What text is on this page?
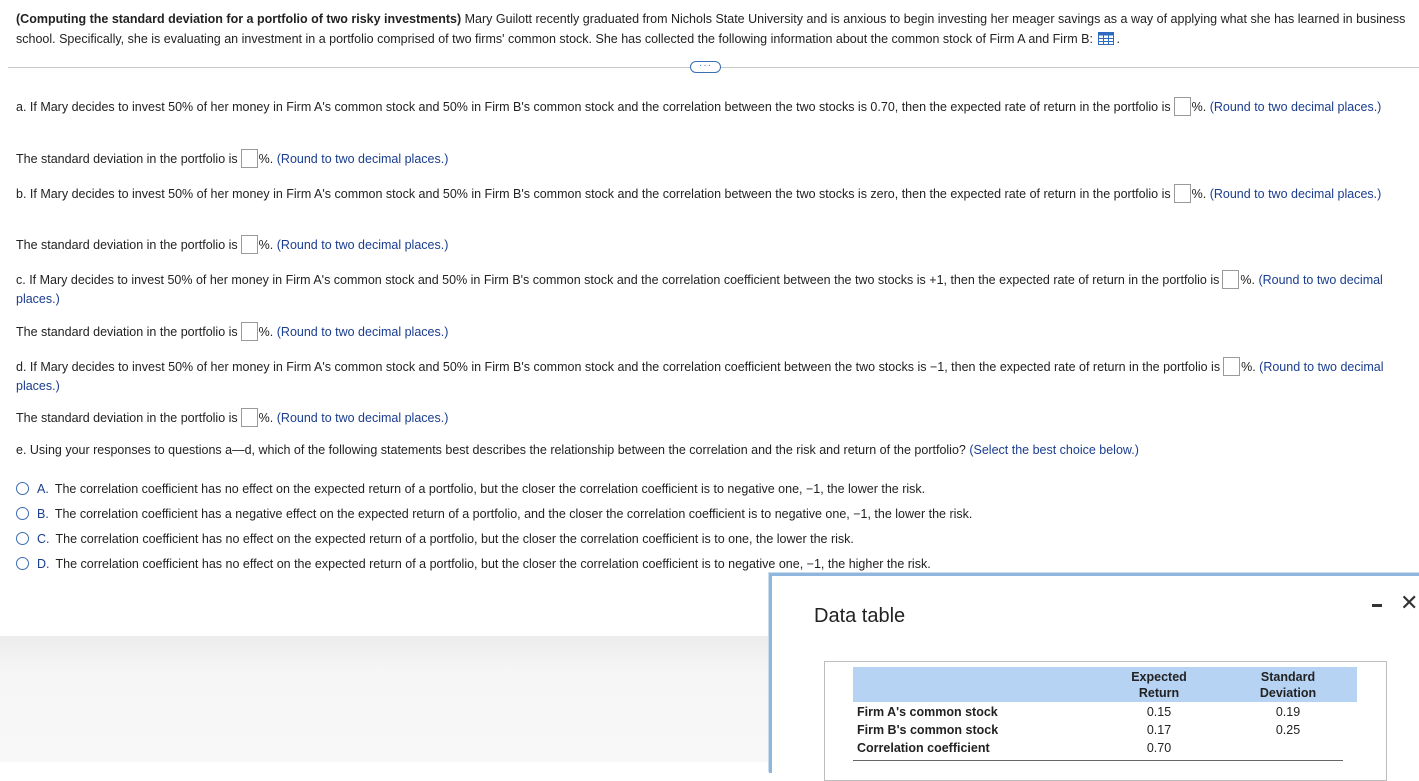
(Computing the standard deviation for a portfolio of two risky investments) Mary Guilott recently graduated from Nichols State University and is anxious to begin investing her meager savings as a way of applying what she has learned in business school. Specifically, she is evaluating an investment in a portfolio comprised of two firms' common stock. She has collected the following information about the common stock of Firm A and Firm B: .
a. If Mary decides to invest 50% of her money in Firm A's common stock and 50% in Firm B's common stock and the correlation between the two stocks is 0.70, then the expected rate of return in the portfolio is %. (Round to two decimal places.)
The standard deviation in the portfolio is %. (Round to two decimal places.)
b. If Mary decides to invest 50% of her money in Firm A's common stock and 50% in Firm B's common stock and the correlation between the two stocks is zero, then the expected rate of return in the portfolio is %. (Round to two decimal places.)
The standard deviation in the portfolio is %. (Round to two decimal places.)
c. If Mary decides to invest 50% of her money in Firm A's common stock and 50% in Firm B's common stock and the correlation coefficient between the two stocks is +1, then the expected rate of return in the portfolio is %. (Round to two decimal places.)
The standard deviation in the portfolio is %. (Round to two decimal places.)
d. If Mary decides to invest 50% of her money in Firm A's common stock and 50% in Firm B's common stock and the correlation coefficient between the two stocks is −1, then the expected rate of return in the portfolio is %. (Round to two decimal places.)
The standard deviation in the portfolio is %. (Round to two decimal places.)
e. Using your responses to questions a—d, which of the following statements best describes the relationship between the correlation and the risk and return of the portfolio? (Select the best choice below.)
A. The correlation coefficient has no effect on the expected return of a portfolio, but the closer the correlation coefficient is to negative one, −1, the lower the risk.
B. The correlation coefficient has a negative effect on the expected return of a portfolio, and the closer the correlation coefficient is to negative one, −1, the lower the risk.
C. The correlation coefficient has no effect on the expected return of a portfolio, but the closer the correlation coefficient is to one, the lower the risk.
D. The correlation coefficient has no effect on the expected return of a portfolio, but the closer the correlation coefficient is to negative one, −1, the higher the risk.
···
Data table
✕
Expected
Return
Standard
Deviation
Firm A's common stock	0.15	0.19
Firm B's common stock	0.17	0.25
Correlation coefficient	0.70
